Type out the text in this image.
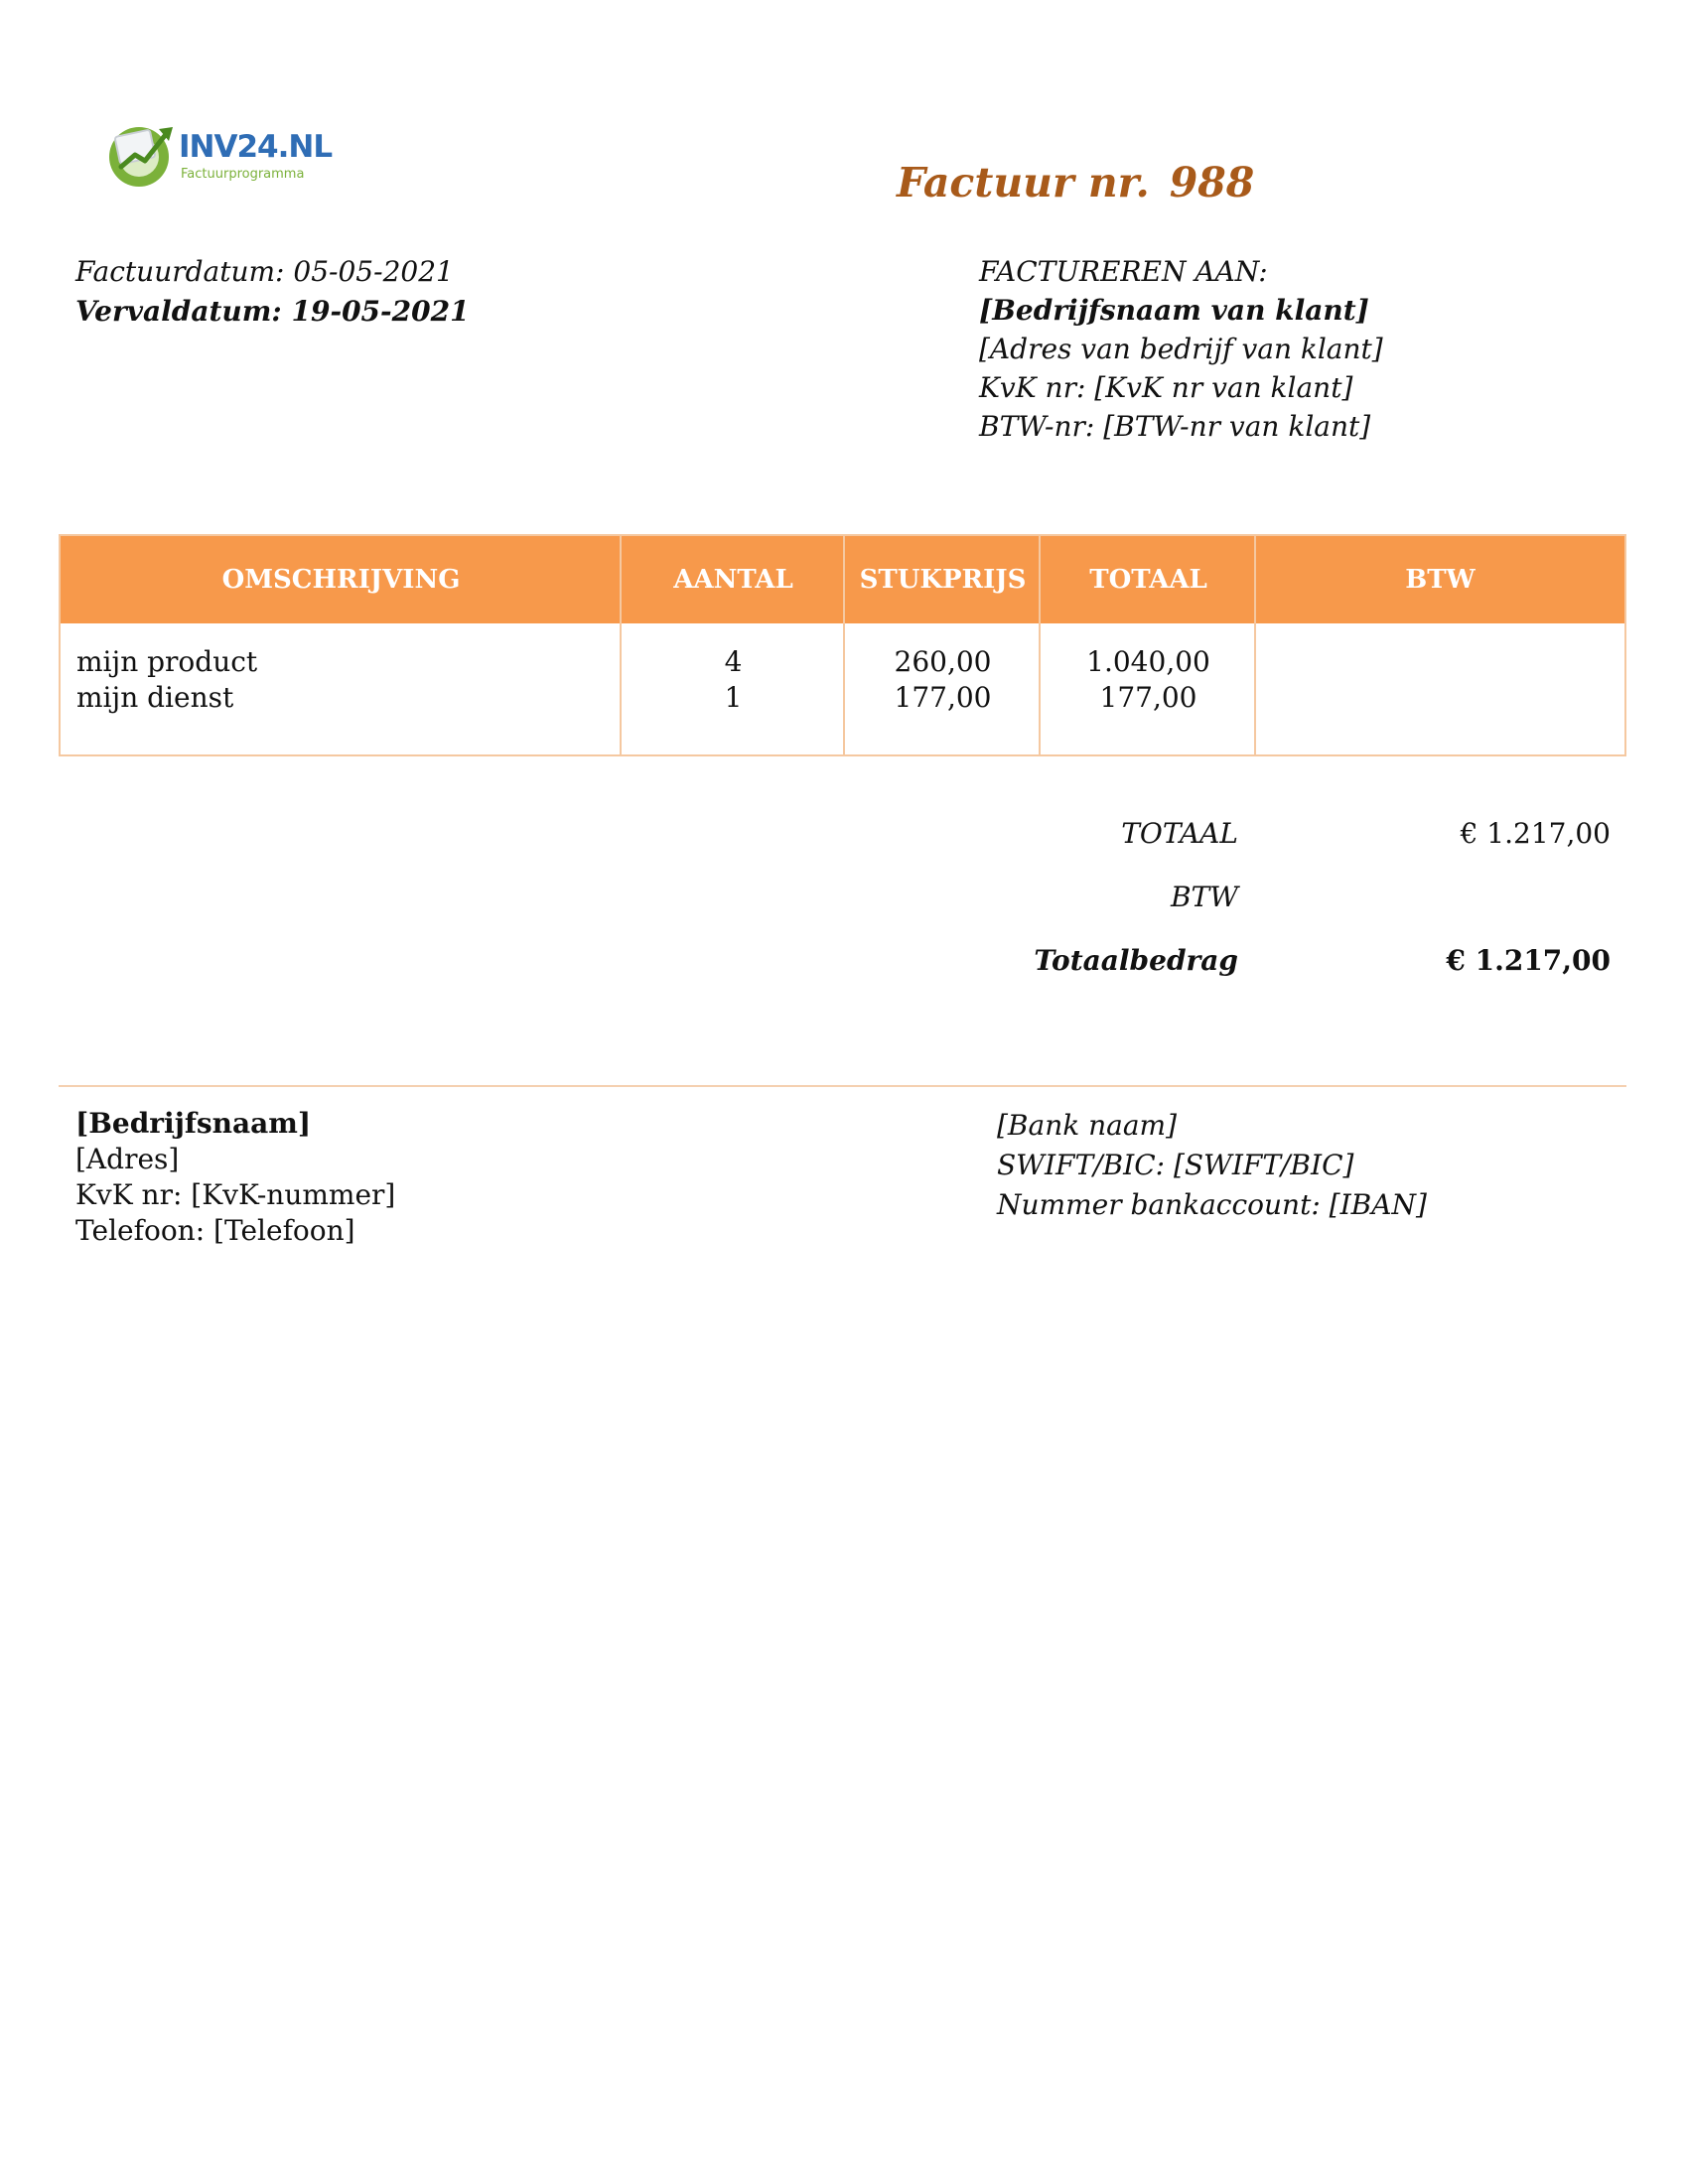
INV24.NL
Factuurprogramma	Factuur nr. 988
Factuurdatum: 05-05-2021
Vervaldatum: 19-05-2021
FACTUREREN AAN:
[Bedrijfsnaam van klant]
[Adres van bedrijf van klant]
KvK nr: [KvK nr van klant]
BTW-nr: [BTW-nr van klant]
OMSCHRIJVING	AANTAL	STUKPRIJS	TOTAAL	BTW
mijn product	4	260,00	1.040,00
mijn dienst	1	177,00	177,00
TOTAAL	€ 1.217,00
BTW
Totaalbedrag	€ 1.217,00
[Bedrijfsnaam]
[Adres]
KvK nr: [KvK-nummer]
Telefoon: [Telefoon]
[Bank naam]
SWIFT/BIC: [SWIFT/BIC]
Nummer bankaccount: [IBAN]
